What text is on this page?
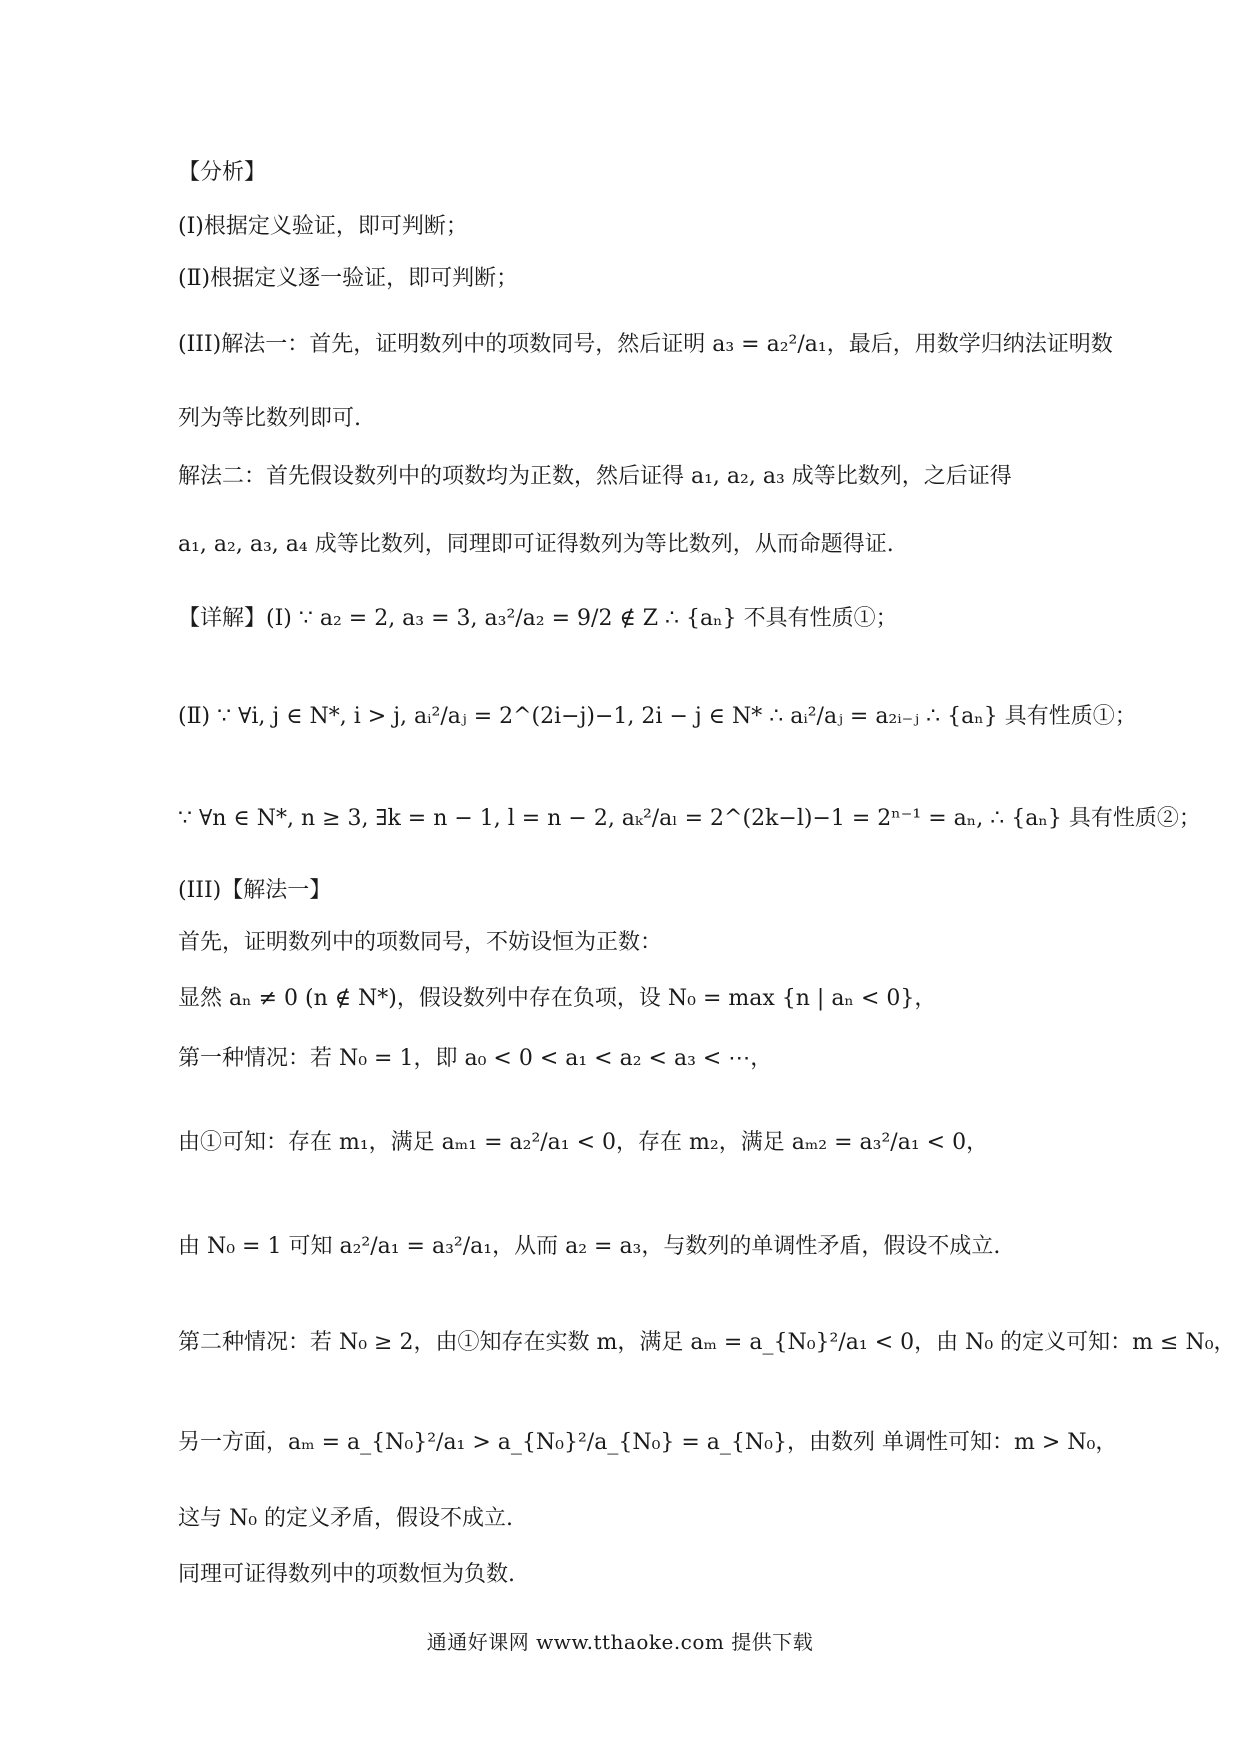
【分析】
(Ⅰ)根据定义验证，即可判断；
(Ⅱ)根据定义逐一验证，即可判断；
(III)解法一：首先，证明数列中的项数同号，然后证明 a₃ = a₂²/a₁，最后，用数学归纳法证明数
列为等比数列即可.
解法二：首先假设数列中的项数均为正数，然后证得 a₁, a₂, a₃ 成等比数列，之后证得
a₁, a₂, a₃, a₄ 成等比数列，同理即可证得数列为等比数列，从而命题得证.
【详解】(Ⅰ) ∵ a₂ = 2, a₃ = 3, a₃²/a₂ = 9/2 ∉ Z ∴ {aₙ} 不具有性质①；
(Ⅱ) ∵ ∀i, j ∈ N*, i > j, aᵢ²/aⱼ = 2^(2i−j)−1, 2i − j ∈ N* ∴ aᵢ²/aⱼ = a₂ᵢ₋ⱼ ∴ {aₙ} 具有性质①；
∵ ∀n ∈ N*, n ≥ 3, ∃k = n − 1, l = n − 2, aₖ²/aₗ = 2^(2k−l)−1 = 2ⁿ⁻¹ = aₙ, ∴ {aₙ} 具有性质②；
(III)【解法一】
首先，证明数列中的项数同号，不妨设恒为正数：
显然 aₙ ≠ 0 (n ∉ N*)，假设数列中存在负项，设 N₀ = max {n | aₙ < 0}，
第一种情况：若 N₀ = 1，即 a₀ < 0 < a₁ < a₂ < a₃ < ⋯，
由①可知：存在 m₁，满足 aₘ₁ = a₂²/a₁ < 0，存在 m₂，满足 aₘ₂ = a₃²/a₁ < 0，
由 N₀ = 1 可知 a₂²/a₁ = a₃²/a₁，从而 a₂ = a₃，与数列的单调性矛盾，假设不成立.
第二种情况：若 N₀ ≥ 2，由①知存在实数 m，满足 aₘ = a_{N₀}²/a₁ < 0，由 N₀ 的定义可知：m ≤ N₀，
另一方面，aₘ = a_{N₀}²/a₁ > a_{N₀}²/a_{N₀} = a_{N₀}，由数列 单调性可知：m > N₀，
这与 N₀ 的定义矛盾，假设不成立.
同理可证得数列中的项数恒为负数.
通通好课网 www.tthaoke.com 提供下载
